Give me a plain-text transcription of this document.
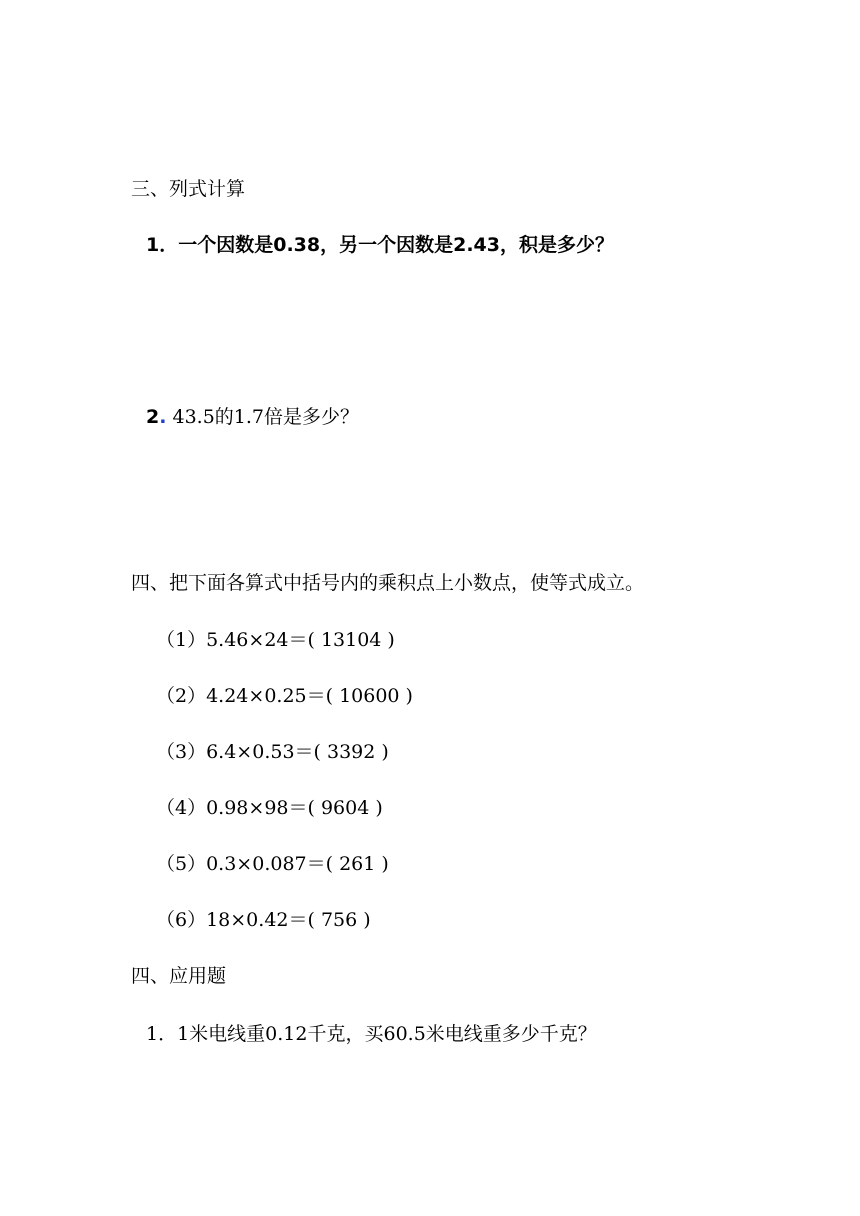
三、列式计算
1．一个因数是0.38，另一个因数是2.43，积是多少？
2. 43.5的1.7倍是多少？
四、把下面各算式中括号内的乘积点上小数点，使等式成立。
（1）5.46×24＝( 13104 )
（2）4.24×0.25＝( 10600 )
（3）6.4×0.53＝( 3392 )
（4）0.98×98＝( 9604 )
（5）0.3×0.087＝( 261 )
（6）18×0.42＝( 756 )
四、应用题
1．1米电线重0.12千克，买60.5米电线重多少千克？
